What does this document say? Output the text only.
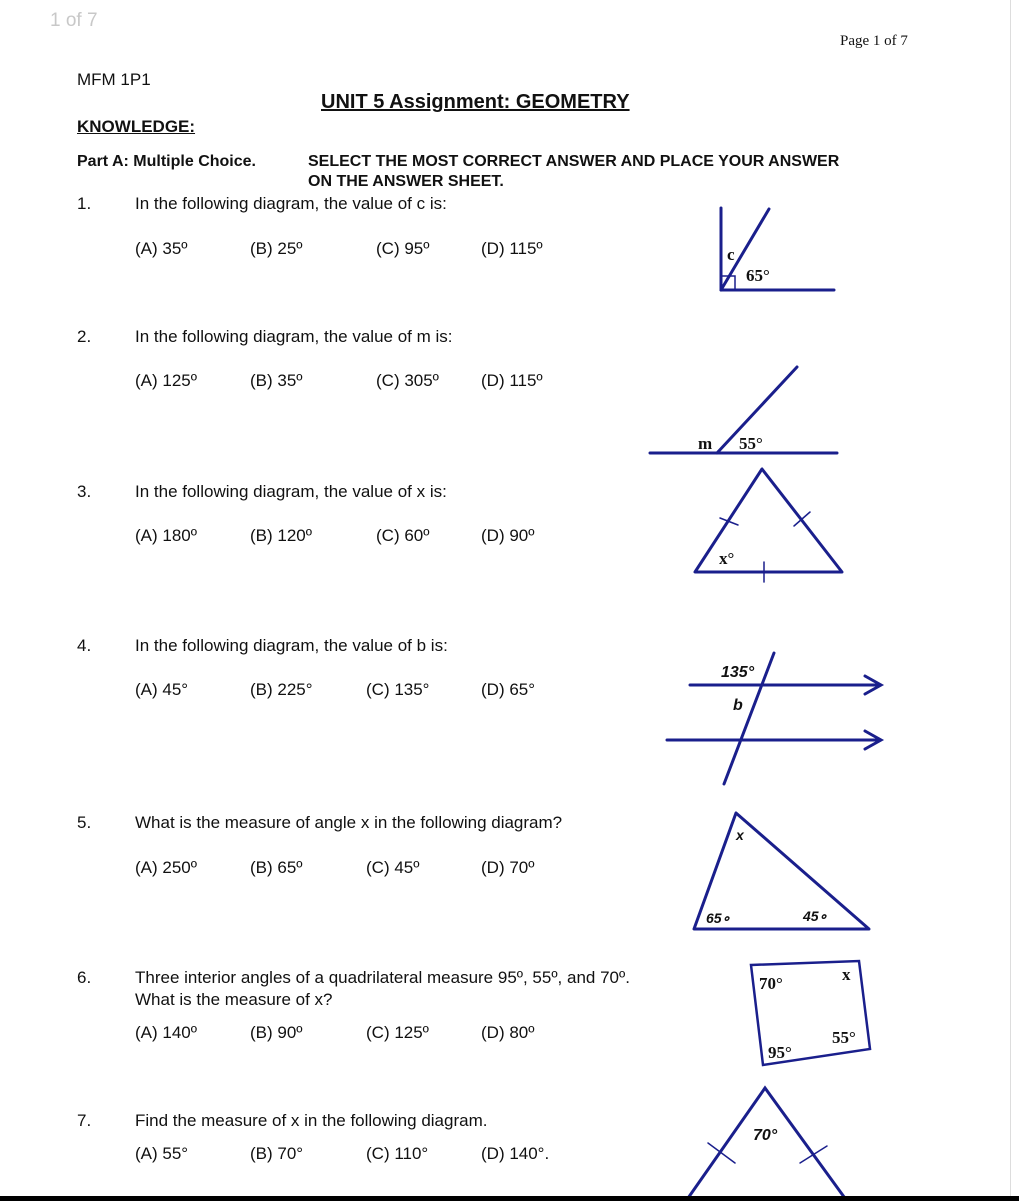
1 of 7
Page 1 of 7
MFM 1P1
UNIT 5 Assignment: GEOMETRY
KNOWLEDGE:
Part A: Multiple Choice.	SELECT THE MOST CORRECT ANSWER AND PLACE YOUR ANSWER
ON THE ANSWER SHEET.
1.	In the following diagram, the value of c is:
(A) 35º	(B) 25º	(C) 95º	(D) 115º
2.	In the following diagram, the value of m is:
(A) 125º	(B) 35º	(C) 305º (D) 115º
3.	In the following diagram, the value of x is:
(A) 180º	(B) 120º	(C) 60º	(D) 90º
4.	In the following diagram, the value of b is:
(A) 45°	(B) 225°	(C) 135°	(D) 65°
5.	What is the measure of angle x in the following diagram?
(A) 250º	(B) 65º	(C) 45º	(D) 70º
6.	Three interior angles of a quadrilateral measure 95º, 55º, and 70º.
What is the measure of x?
(A) 140º	(B) 90º	(C) 125º	(D) 80º
7.	Find the measure of x in the following diagram.
(A) 55°	(B) 70°	(C) 110°	(D) 140°.
c
65°
m 55°
x°
135°
b
x
65∘	45∘
70°	x
95°
55°
70°
